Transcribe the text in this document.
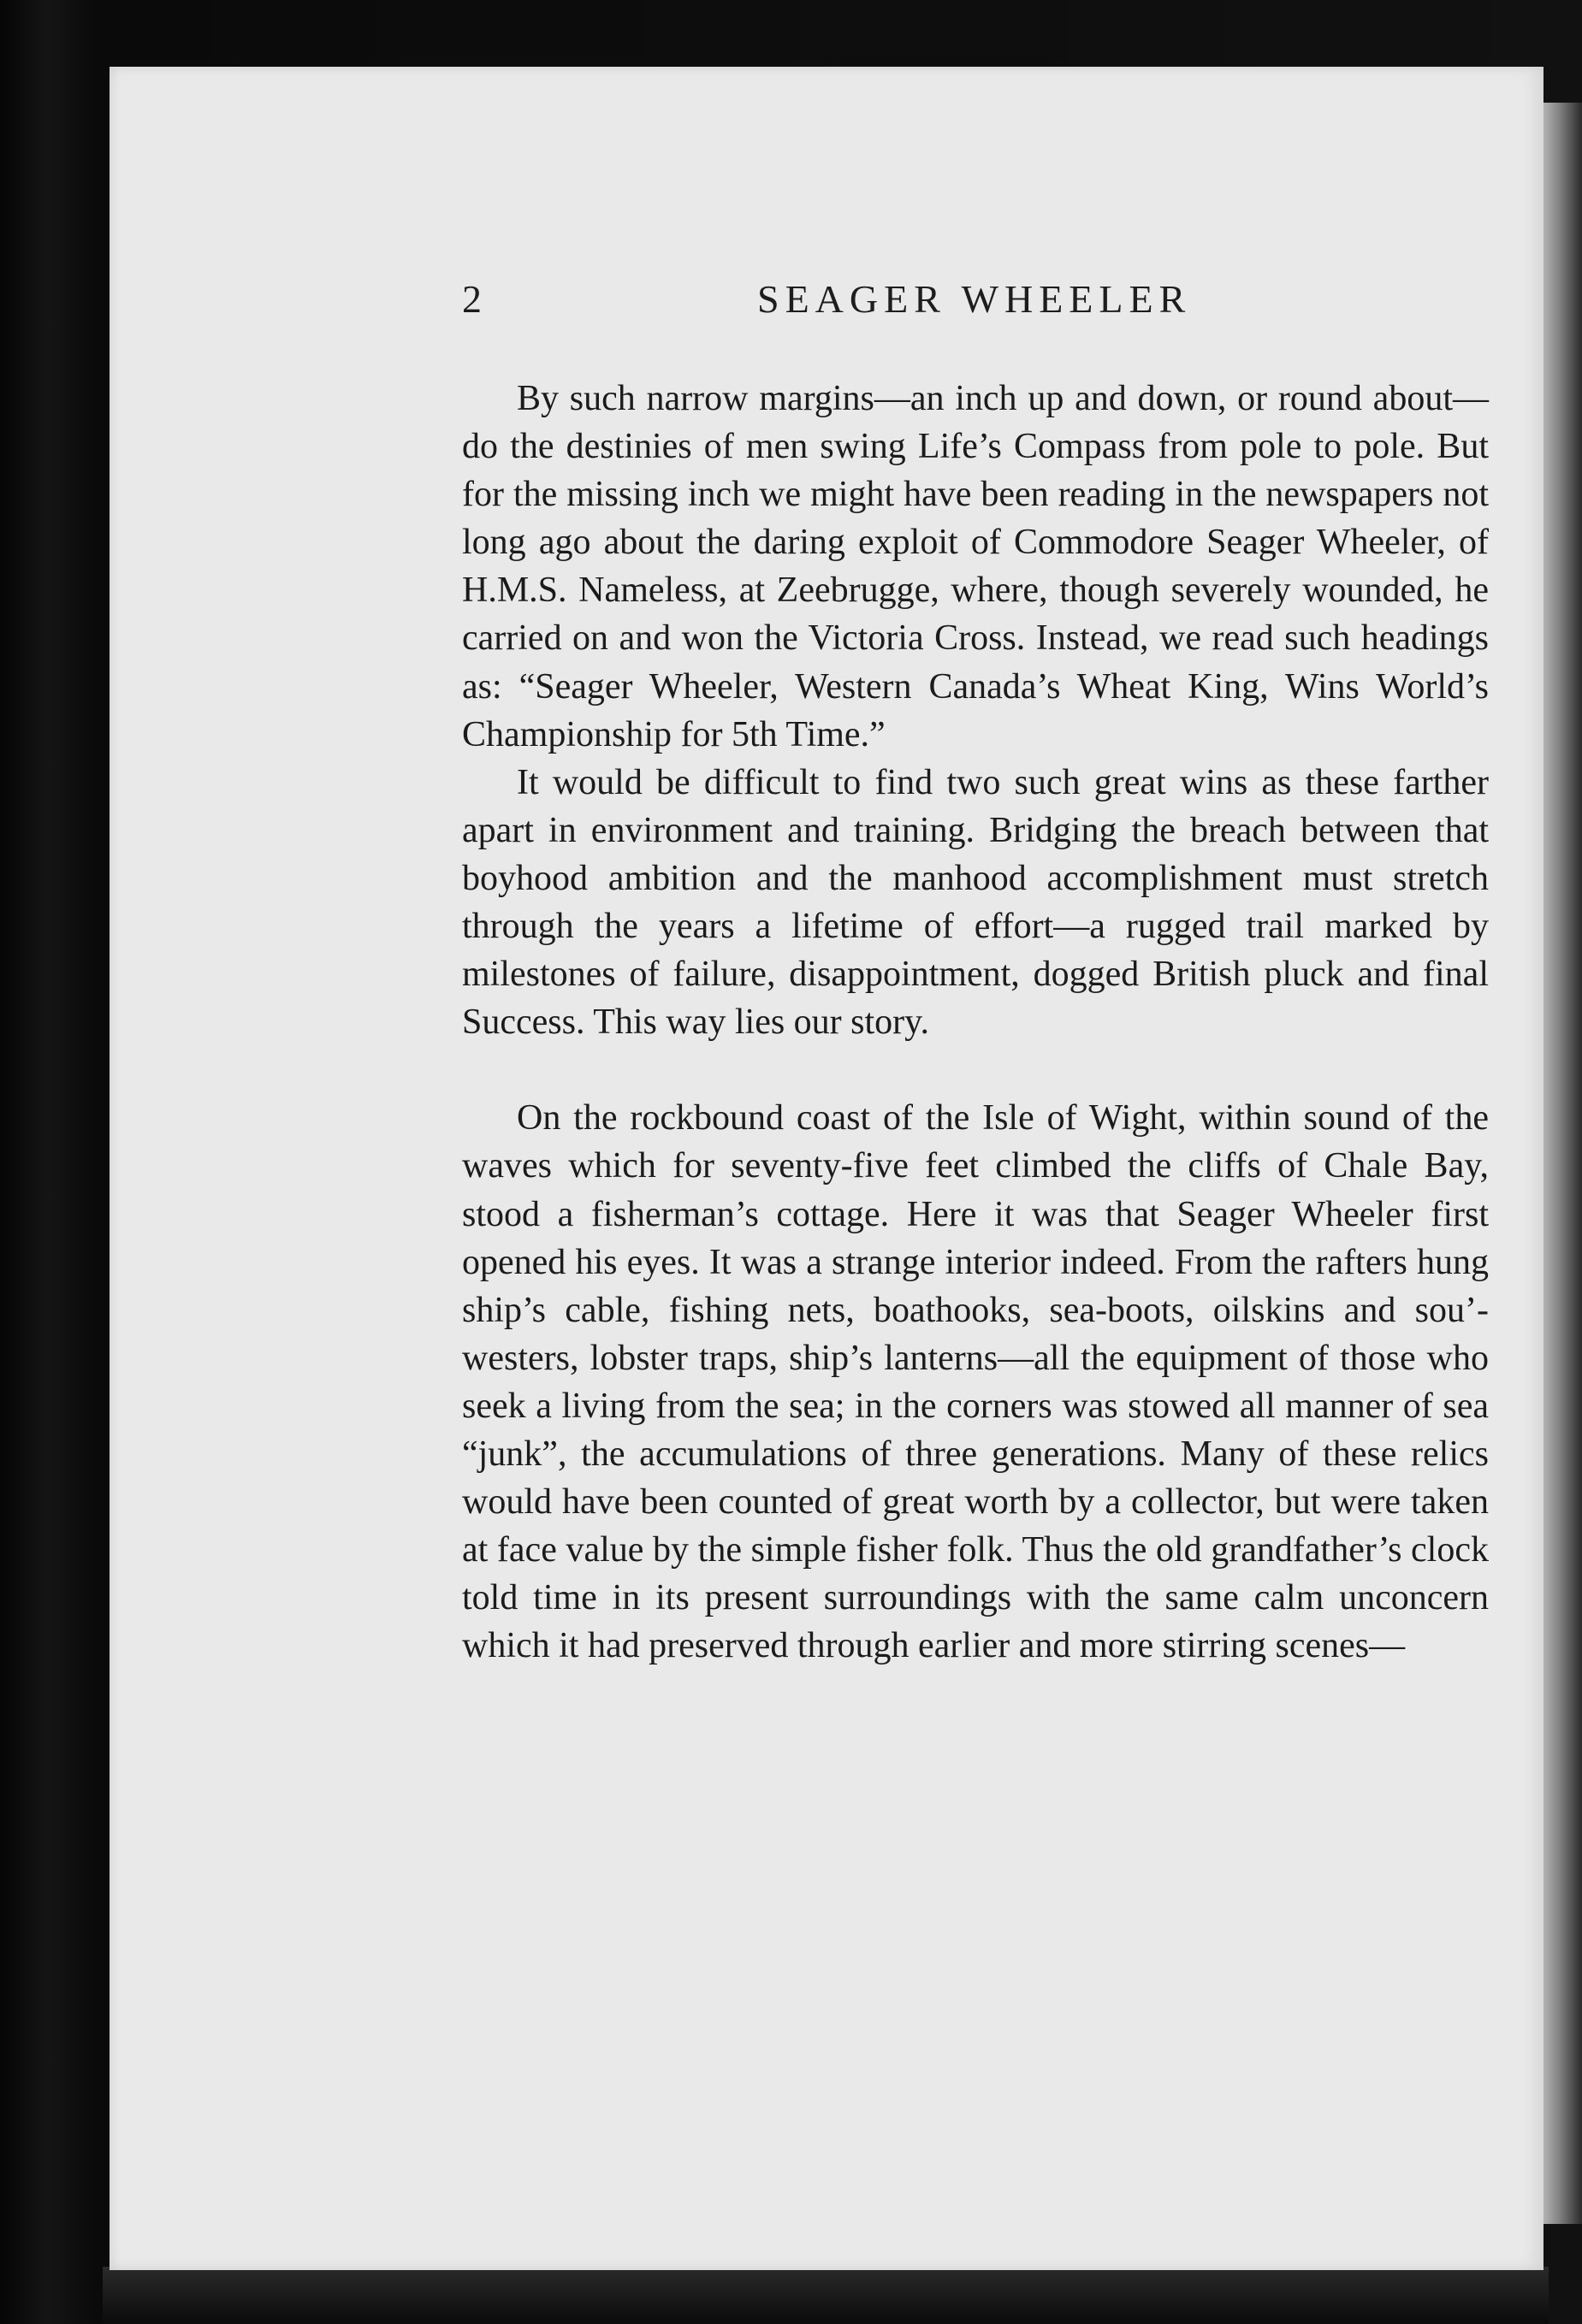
2	SEAGER WHEELER

By such narrow margins—an inch up and down, or round about—do the destinies of men swing Life’s Compass from pole to pole. But for the missing inch we might have been reading in the newspapers not long ago about the daring exploit of Commodore Seager Wheeler, of H.M.S. Nameless, at Zeebrugge, where, though severely wounded, he carried on and won the Victoria Cross. Instead, we read such headings as: “Seager Wheeler, Western Canada’s Wheat King, Wins World’s Championship for 5th Time.”

It would be difficult to find two such great wins as these farther apart in environment and training. Bridging the breach between that boyhood ambition and the manhood accomplishment must stretch through the years a lifetime of effort—a rugged trail marked by milestones of failure, disappointment, dogged British pluck and final Success. This way lies our story.

On the rockbound coast of the Isle of Wight, within sound of the waves which for seventy-five feet climbed the cliffs of Chale Bay, stood a fisherman’s cottage. Here it was that Seager Wheeler first opened his eyes. It was a strange interior indeed. From the rafters hung ship’s cable, fishing nets, boathooks, sea-boots, oilskins and sou’-westers, lobster traps, ship’s lanterns—all the equipment of those who seek a living from the sea; in the corners was stowed all manner of sea “junk”, the accumulations of three generations. Many of these relics would have been counted of great worth by a collector, but were taken at face value by the simple fisher folk. Thus the old grandfather’s clock told time in its present surroundings with the same calm unconcern which it had preserved through earlier and more stirring scenes—
